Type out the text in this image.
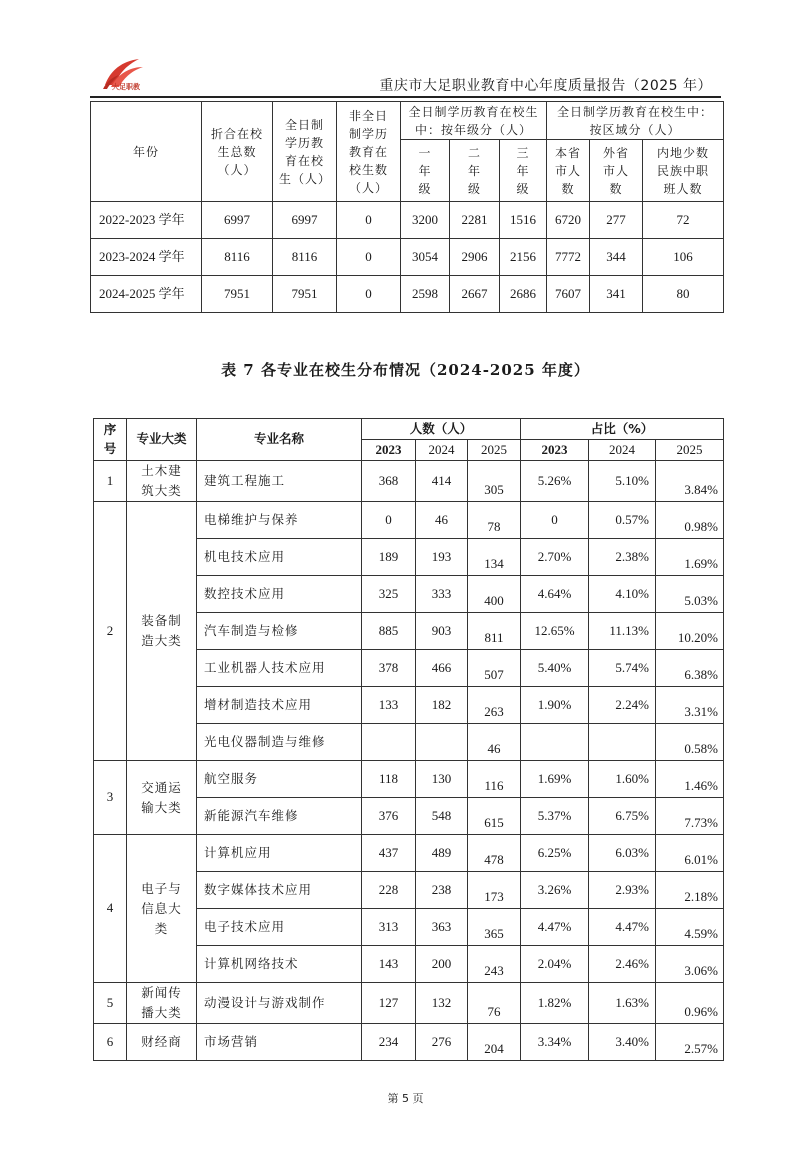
大足职教	重庆市大足职业教育中心年度质量报告（2025 年）
年份	折合在校生总数（人）	全日制学历教育在校生（人）	非全日制学历教育在校生数（人）	全日制学历教育在校生中：按年级分（人）			全日制学历教育在校生中：按区域分（人）		
				一年级	二年级	三年级	本省市人数	外省市人数	内地少数民族中职班人数
2022-2023 学年	6997	6997	0	3200	2281	1516	6720	277	72
2023-2024 学年	8116	8116	0	3054	2906	2156	7772	344	106
2024-2025 学年	7951	7951	0	2598	2667	2686	7607	341	80
表 7 各专业在校生分布情况（2024-2025 年度）
序号	专业大类	专业名称	人数（人）			占比（%）		
			2023	2024	2025	2023	2024	2025
1	土木建筑大类	建筑工程施工	368	414	305	5.26%	5.10%	3.84%
2	装备制造大类	电梯维护与保养	0	46	78	0	0.57%	0.98%
		机电技术应用	189	193	134	2.70%	2.38%	1.69%
		数控技术应用	325	333	400	4.64%	4.10%	5.03%
		汽车制造与检修	885	903	811	12.65%	11.13%	10.20%
		工业机器人技术应用	378	466	507	5.40%	5.74%	6.38%
		增材制造技术应用	133	182	263	1.90%	2.24%	3.31%
		光电仪器制造与维修			46			0.58%
3	交通运输大类	航空服务	118	130	116	1.69%	1.60%	1.46%
		新能源汽车维修	376	548	615	5.37%	6.75%	7.73%
4	电子与信息大类	计算机应用	437	489	478	6.25%	6.03%	6.01%
		数字媒体技术应用	228	238	173	3.26%	2.93%	2.18%
		电子技术应用	313	363	365	4.47%	4.47%	4.59%
		计算机网络技术	143	200	243	2.04%	2.46%	3.06%
5	新闻传播大类	动漫设计与游戏制作	127	132	76	1.82%	1.63%	0.96%
6	财经商	市场营销	234	276	204	3.34%	3.40%	2.57%
第 5 页
